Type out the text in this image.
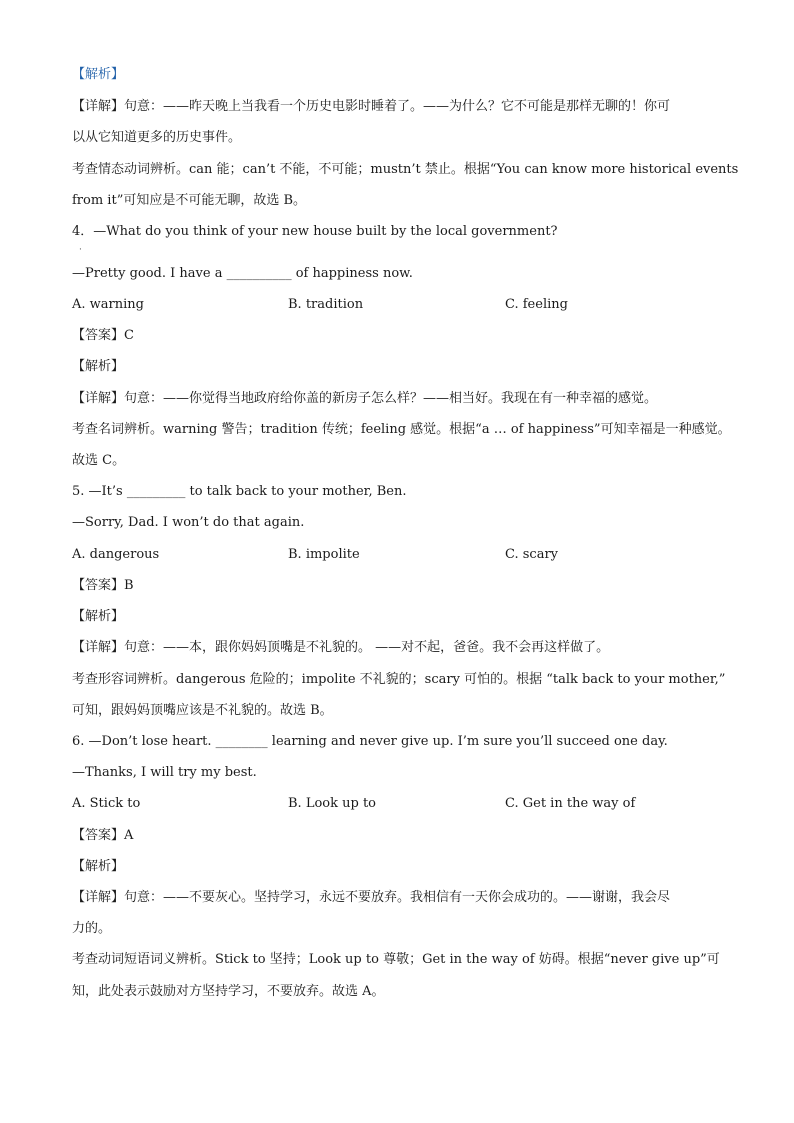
【解析】
【详解】句意：——昨天晚上当我看一个历史电影时睡着了。——为什么？它不可能是那样无聊的！你可
以从它知道更多的历史事件。
考查情态动词辨析。can 能；can’t 不能，不可能；mustn’t 禁止。根据“You can know more historical events
from it”可知应是不可能无聊，故选 B。
4．—What do you think of your new house built by the local government?
·
—Pretty good. I have a __________ of happiness now.
A. warning	B. tradition	C. feeling
【答案】C
【解析】
【详解】句意：——你觉得当地政府给你盖的新房子怎么样？——相当好。我现在有一种幸福的感觉。
考查名词辨析。warning 警告；tradition 传统；feeling 感觉。根据“a … of happiness”可知幸福是一种感觉。
故选 C。
5. —It’s _________ to talk back to your mother, Ben.
—Sorry, Dad. I won’t do that again.
A. dangerous	B. impolite	C. scary
【答案】B
【解析】
【详解】句意：——本，跟你妈妈顶嘴是不礼貌的。 ——对不起，爸爸。我不会再这样做了。
考查形容词辨析。dangerous 危险的；impolite 不礼貌的；scary 可怕的。根据 “talk back to your mother,”
可知，跟妈妈顶嘴应该是不礼貌的。故选 B。
6. —Don’t lose heart. ________ learning and never give up. I’m sure you’ll succeed one day.
—Thanks, I will try my best.
A. Stick to	B. Look up to	C. Get in the way of
【答案】A
【解析】
【详解】句意：——不要灰心。坚持学习，永远不要放弃。我相信有一天你会成功的。——谢谢，我会尽
力的。
考查动词短语词义辨析。Stick to 坚持；Look up to 尊敬；Get in the way of 妨碍。根据“never give up”可
知，此处表示鼓励对方坚持学习，不要放弃。故选 A。
